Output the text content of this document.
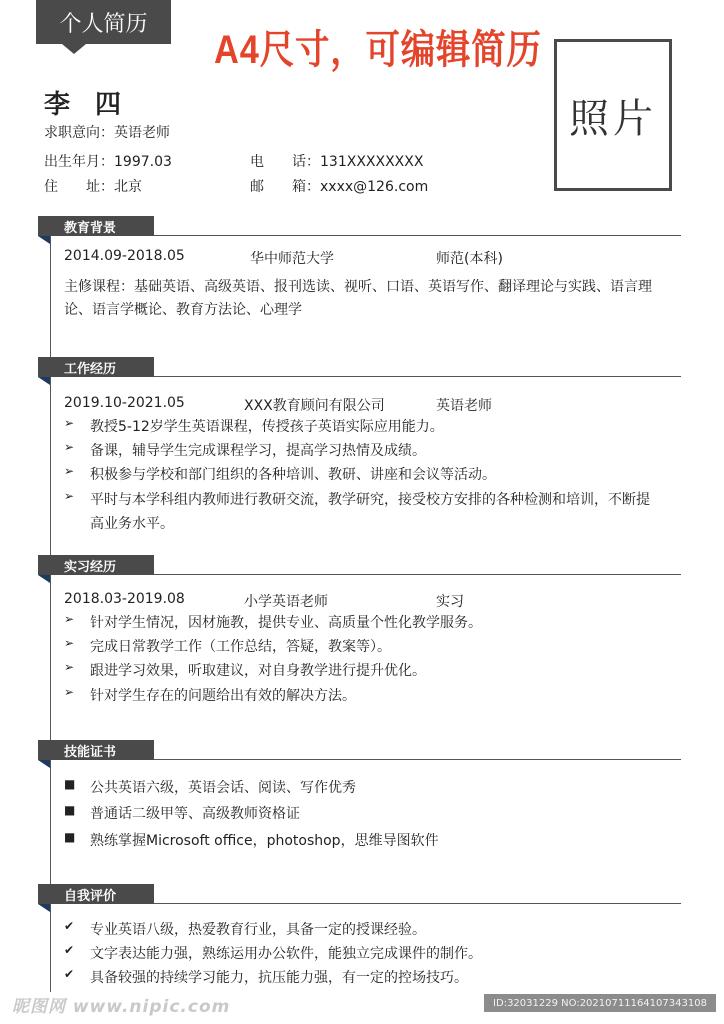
个人简历
A4尺寸，可编辑简历
照片
李 四
求职意向：英语老师
出生年月：1997.03	电　　话：131XXXXXXXX
住　　址：北京	邮　　箱：xxxx@126.com
教育背景
2014.09-2018.05	华中师范大学	师范(本科)
主修课程：基础英语、高级英语、报刊选读、视听、口语、英语写作、翻译理论与实践、语言理
论、语言学概论、教育方法论、心理学
工作经历
2019.10-2021.05	XXX教育顾问有限公司	英语老师
➢	教授5-12岁学生英语课程，传授孩子英语实际应用能力。
➢	备课，辅导学生完成课程学习，提高学习热情及成绩。
➢	积极参与学校和部门组织的各种培训、教研、讲座和会议等活动。
➢	平时与本学科组内教师进行教研交流，教学研究，接受校方安排的各种检测和培训，不断提
高业务水平。
实习经历
2018.03-2019.08	小学英语老师	实习
➢	针对学生情况，因材施教，提供专业、高质量个性化教学服务。
➢	完成日常教学工作（工作总结，答疑，教案等）。
➢	跟进学习效果，听取建议，对自身教学进行提升优化。
➢	针对学生存在的问题给出有效的解决方法。
技能证书
■	公共英语六级，英语会话、阅读、写作优秀
■	普通话二级甲等、高级教师资格证
■	熟练掌握Microsoft office，photoshop，思维导图软件
自我评价
✔	专业英语八级，热爱教育行业，具备一定的授课经验。
✔	文字表达能力强，熟练运用办公软件，能独立完成课件的制作。
✔	具备较强的持续学习能力，抗压能力强，有一定的控场技巧。
昵图网 www.nipic.com	ID:32031229 NO:20210711164107343108
